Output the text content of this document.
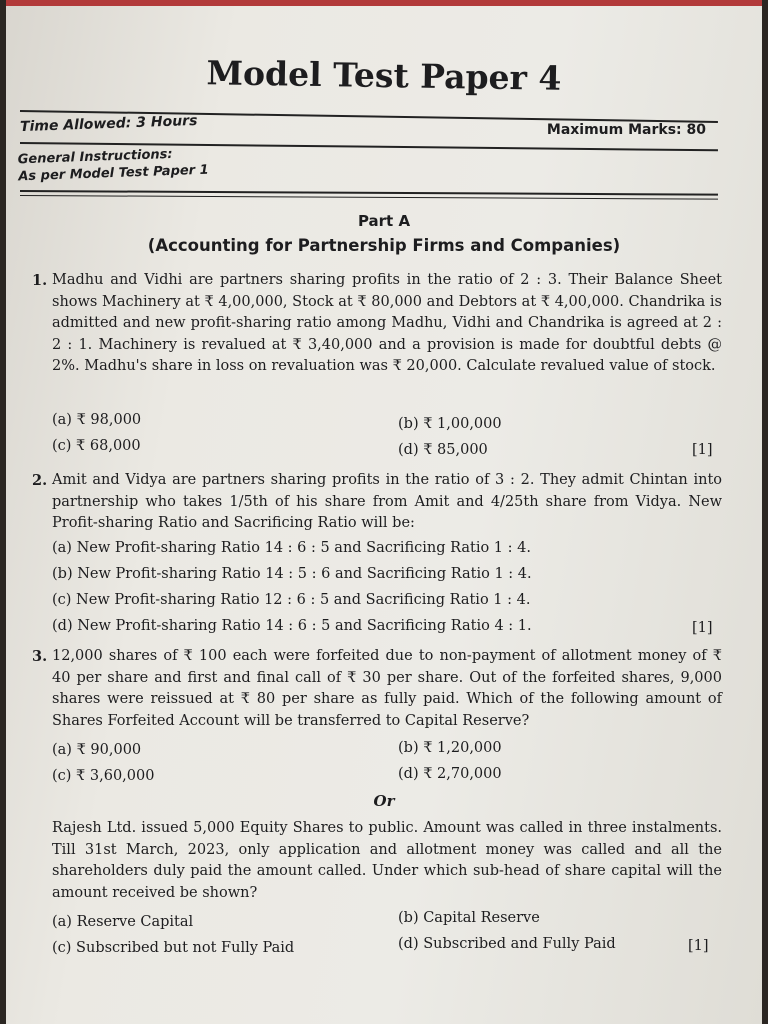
Model Test Paper 4
Time Allowed: 3 Hours	Maximum Marks: 80
General Instructions:
As per Model Test Paper 1
Part A
(Accounting for Partnership Firms and Companies)
1. Madhu and Vidhi are partners sharing profits in the ratio of 2 : 3. Their Balance Sheet shows Machinery at ₹ 4,00,000, Stock at ₹ 80,000 and Debtors at ₹ 4,00,000. Chandrika is admitted and new profit-sharing ratio among Madhu, Vidhi and Chandrika is agreed at 2 : 2 : 1. Machinery is revalued at ₹ 3,40,000 and a provision is made for doubtful debts @ 2%. Madhu's share in loss on revaluation was ₹ 20,000. Calculate revalued value of stock.
(a) ₹ 98,000	(b) ₹ 1,00,000
(c) ₹ 68,000	(d) ₹ 85,000	[1]
2. Amit and Vidya are partners sharing profits in the ratio of 3 : 2. They admit Chintan into partnership who takes 1/5th of his share from Amit and 4/25th share from Vidya. New Profit-sharing Ratio and Sacrificing Ratio will be:
(a) New Profit-sharing Ratio 14 : 6 : 5 and Sacrificing Ratio 1 : 4.
(b) New Profit-sharing Ratio 14 : 5 : 6 and Sacrificing Ratio 1 : 4.
(c) New Profit-sharing Ratio 12 : 6 : 5 and Sacrificing Ratio 1 : 4.
(d) New Profit-sharing Ratio 14 : 6 : 5 and Sacrificing Ratio 4 : 1.	[1]
3. 12,000 shares of ₹ 100 each were forfeited due to non-payment of allotment money of ₹ 40 per share and first and final call of ₹ 30 per share. Out of the forfeited shares, 9,000 shares were reissued at ₹ 80 per share as fully paid. Which of the following amount of Shares Forfeited Account will be transferred to Capital Reserve?
(a) ₹ 90,000	(b) ₹ 1,20,000
(c) ₹ 3,60,000	(d) ₹ 2,70,000
Or
Rajesh Ltd. issued 5,000 Equity Shares to public. Amount was called in three instalments. Till 31st March, 2023, only application and allotment money was called and all the shareholders duly paid the amount called. Under which sub-head of share capital will the amount received be shown?
(a) Reserve Capital	(b) Capital Reserve
(c) Subscribed but not Fully Paid	(d) Subscribed and Fully Paid	[1]
